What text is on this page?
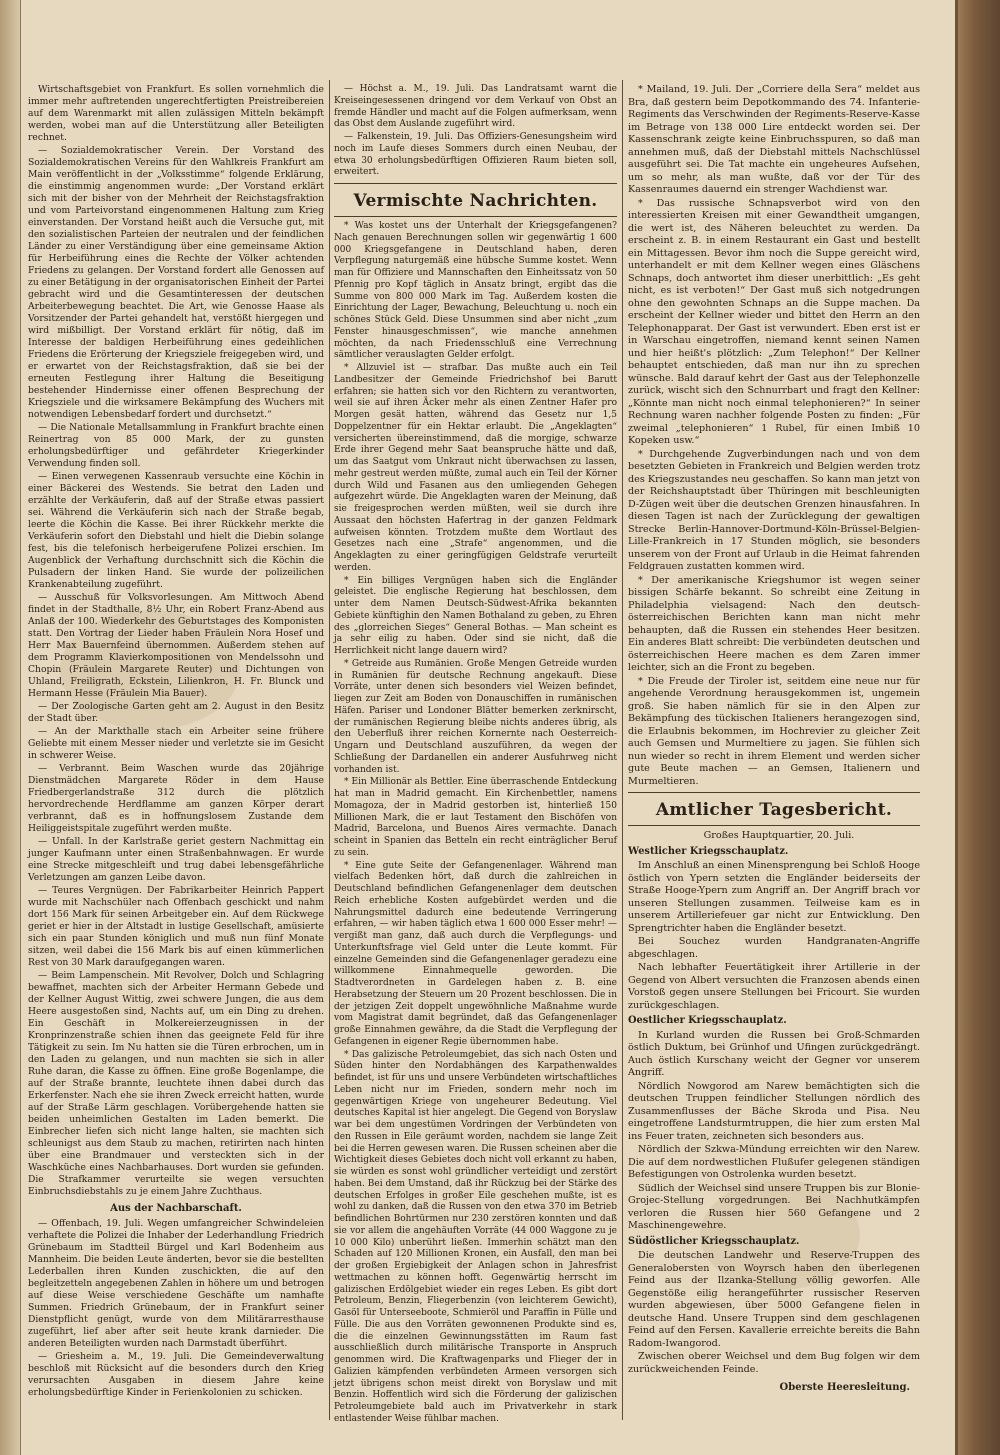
Wirtschaftsgebiet von Frankfurt. Es sollen vornehmlich die immer mehr auftretenden ungerechtfertigten Preistreibereien auf dem Warenmarkt mit allen zulässigen Mitteln bekämpft werden, wobei man auf die Unterstützung aller Beteiligten rechnet.

— Sozialdemokratischer Verein. Der Vorstand des Sozialdemokratischen Vereins für den Wahlkreis Frankfurt am Main veröffentlicht in der „Volksstimme“ folgende Erklärung, die einstimmig angenommen wurde: „Der Vorstand erklärt sich mit der bisher von der Mehrheit der Reichstagsfraktion und vom Parteivorstand eingenommenen Haltung zum Krieg einverstanden. Der Vorstand heißt auch die Versuche gut, mit den sozialistischen Parteien der neutralen und der feindlichen Länder zu einer Verständigung über eine gemeinsame Aktion für Herbeiführung eines die Rechte der Völker achtenden Friedens zu gelangen. Der Vorstand fordert alle Genossen auf zu einer Betätigung in der organisatorischen Einheit der Partei gebracht wird und die Gesamtinteressen der deutschen Arbeiterbewegung beachtet. Die Art, wie Genosse Haase als Vorsitzender der Partei gehandelt hat, verstößt hiergegen und wird mißbilligt. Der Vorstand erklärt für nötig, daß im Interesse der baldigen Herbeiführung eines gedeihlichen Friedens die Erörterung der Kriegsziele freigegeben wird, und er erwartet von der Reichstagsfraktion, daß sie bei der erneuten Festlegung ihrer Haltung die Beseitigung bestehender Hindernisse einer offenen Besprechung der Kriegsziele und die wirksamere Bekämpfung des Wuchers mit notwendigen Lebensbedarf fordert und durchsetzt.“

— Die Nationale Metallsammlung in Frankfurt brachte einen Reinertrag von 85 000 Mark, der zu gunsten erholungsbedürftiger und gefährdeter Kriegerkinder Verwendung finden soll.

— Einen verwegenen Kassenraub versuchte eine Köchin in einer Bäckerei des Westends. Sie betrat den Laden und erzählte der Verkäuferin, daß auf der Straße etwas passiert sei. Während die Verkäuferin sich nach der Straße begab, leerte die Köchin die Kasse. Bei ihrer Rückkehr merkte die Verkäuferin sofort den Diebstahl und hielt die Diebin solange fest, bis die telefonisch herbeigerufene Polizei erschien. Im Augenblick der Verhaftung durchschnitt sich die Köchin die Pulsadern der linken Hand. Sie wurde der polizeilichen Krankenabteilung zugeführt.

— Ausschuß für Volksvorlesungen. Am Mittwoch Abend findet in der Stadthalle, 8½ Uhr, ein Robert Franz-Abend aus Anlaß der 100. Wiederkehr des Geburtstages des Komponisten statt. Den Vortrag der Lieder haben Fräulein Nora Hosef und Herr Max Bauernfeind übernommen. Außerdem stehen auf dem Programm Klavierkompositionen von Mendelssohn und Chopin (Fräulein Margarete Reuter) und Dichtungen von Uhland, Freiligrath, Eckstein, Lilienkron, H. Fr. Blunck und Hermann Hesse (Fräulein Mia Bauer).

— Der Zoologische Garten geht am 2. August in den Besitz der Stadt über.

— An der Markthalle stach ein Arbeiter seine frühere Geliebte mit einem Messer nieder und verletzte sie im Gesicht in schwerer Weise.

— Verbrannt. Beim Waschen wurde das 20jährige Dienstmädchen Margarete Röder in dem Hause Friedbergerlandstraße 312 durch die plötzlich hervordrechende Herdflamme am ganzen Körper derart verbrannt, daß es in hoffnungslosem Zustande dem Heiliggeistspitale zugeführt werden mußte.

— Unfall. In der Karlstraße geriet gestern Nachmittag ein junger Kaufmann unter einen Straßenbahnwagen. Er wurde eine Strecke mitgeschleift und trug dabei lebensgefährliche Verletzungen am ganzen Leibe davon.

— Teures Vergnügen. Der Fabrikarbeiter Heinrich Pappert wurde mit Nachschüler nach Offenbach geschickt und nahm dort 156 Mark für seinen Arbeitgeber ein. Auf dem Rückwege geriet er hier in der Altstadt in lustige Gesellschaft, amüsierte sich ein paar Stunden königlich und muß nun fünf Monate sitzen, weil dabei die 156 Mark bis auf einen kümmerlichen Rest von 30 Mark daraufgegangen waren.

— Beim Lampenschein. Mit Revolver, Dolch und Schlagring bewaffnet, machten sich der Arbeiter Hermann Gebede und der Kellner August Wittig, zwei schwere Jungen, die aus dem Heere ausgestoßen sind, Nachts auf, um ein Ding zu drehen. Ein Geschäft in Molkereierzeugnissen in der Kronprinzenstraße schien ihnen das geeignete Feld für ihre Tätigkeit zu sein. Im Nu hatten sie die Türen erbrochen, um in den Laden zu gelangen, und nun machten sie sich in aller Ruhe daran, die Kasse zu öffnen. Eine große Bogenlampe, die auf der Straße brannte, leuchtete ihnen dabei durch das Erkerfenster. Nach ehe sie ihren Zweck erreicht hatten, wurde auf der Straße Lärm geschlagen. Vorübergehende hatten sie beiden unheimlichen Gestalten im Laden bemerkt. Die Einbrecher liefen sich nicht lange halten, sie machten sich schleunigst aus dem Staub zu machen, retirirten nach hinten über eine Brandmauer und versteckten sich in der Waschküche eines Nachbarhauses. Dort wurden sie gefunden. Die Strafkammer verurteilte sie wegen versuchten Einbruchsdiebstahls zu je einem Jahre Zuchthaus.

Aus der Nachbarschaft.

— Offenbach, 19. Juli. Wegen umfangreicher Schwindeleien verhaftete die Polizei die Inhaber der Lederhandlung Friedrich Grünebaum im Stadtteil Bürgel und Karl Bodenheim aus Mannheim. Die beiden Leute änderten, bevor sie die bestellten Lederballen ihren Kunden zuschickten, die auf den begleitzetteln angegebenen Zahlen in höhere um und betrogen auf diese Weise verschiedene Geschäfte um namhafte Summen. Friedrich Grünebaum, der in Frankfurt seiner Dienstpflicht genügt, wurde von dem Militärarresthause zugeführt, lief aber after seit heute krank darnieder. Die anderen Beteiligten wurden nach Darmstadt überführt.

— Griesheim a. M., 19. Juli. Die Gemeindeverwaltung beschloß mit Rücksicht auf die besonders durch den Krieg verursachten Ausgaben in diesem Jahre keine erholungsbedürftige Kinder in Ferienkolonien zu schicken.

— Höchst a. M., 19. Juli. Das Landratsamt warnt die Kreiseingesessenen dringend vor dem Verkauf von Obst an fremde Händler und macht auf die Folgen aufmerksam, wenn das Obst dem Auslande zugeführt wird.

— Falkenstein, 19. Juli. Das Offiziers-Genesungsheim wird noch im Laufe dieses Sommers durch einen Neubau, der etwa 30 erholungsbedürftigen Offizieren Raum bieten soll, erweitert.

Vermischte Nachrichten.

* Was kostet uns der Unterhalt der Kriegsgefangenen? Nach genauen Berechnungen sollen wir gegenwärtig 1 600 000 Kriegsgefangene in Deutschland haben, deren Verpflegung naturgemäß eine hübsche Summe kostet. Wenn man für Offiziere und Mannschaften den Einheitssatz von 50 Pfennig pro Kopf täglich in Ansatz bringt, ergibt das die Summe von 800 000 Mark im Tag. Außerdem kosten die Einrichtung der Lager, Bewachung, Beleuchtung u. noch ein schönes Stück Geld. Diese Unsummen sind aber nicht „zum Fenster hinausgeschmissen“, wie manche annehmen möchten, da nach Friedensschluß eine Verrechnung sämtlicher verauslagten Gelder erfolgt.

* Allzuviel ist — strafbar. Das mußte auch ein Teil Landbesitzer der Gemeinde Friedrichshof bei Barutt erfahren; sie hatten sich vor den Richtern zu verantworten, weil sie auf ihren Äcker mehr als einen Zentner Hafer pro Morgen gesät hatten, während das Gesetz nur 1,5 Doppelzentner für ein Hektar erlaubt. Die „Angeklagten“ versicherten übereinstimmend, daß die morgige, schwarze Erde ihrer Gegend mehr Saat beanspruche hätte und daß, um das Saatgut vom Unkraut nicht überwachsen zu lassen, mehr gestreut werden müßte, zumal auch ein Teil der Körner durch Wild und Fasanen aus den umliegenden Gehegen aufgezehrt würde. Die Angeklagten waren der Meinung, daß sie freigesprochen werden müßten, weil sie durch ihre Aussaat den höchsten Hafertrag in der ganzen Feldmark aufweisen könnten. Trotzdem mußte dem Wortlaut des Gesetzes nach eine „Strafe“ angenommen, und die Angeklagten zu einer geringfügigen Geldstrafe verurteilt werden.

* Ein billiges Vergnügen haben sich die Engländer geleistet. Die englische Regierung hat beschlossen, dem unter dem Namen Deutsch-Südwest-Afrika bekannten Gebiete künftighin den Namen Bothaland zu geben, zu Ehren des „glorreichen Sieges“ General Bothas. — Man scheint es ja sehr eilig zu haben. Oder sind sie nicht, daß die Herrlichkeit nicht lange dauern wird?

* Getreide aus Rumänien. Große Mengen Getreide wurden in Rumänien für deutsche Rechnung angekauft. Diese Vorräte, unter denen sich besonders viel Weizen befindet, liegen zur Zeit am Boden von Donauschiffen in rumänischen Häfen. Pariser und Londoner Blätter bemerken zerknirscht, der rumänischen Regierung bleibe nichts anderes übrig, als den Ueberfluß ihrer reichen Kornernte nach Oesterreich-Ungarn und Deutschland auszuführen, da wegen der Schließung der Dardanellen ein anderer Ausfuhrweg nicht vorhanden ist.

* Ein Millionär als Bettler. Eine überraschende Entdeckung hat man in Madrid gemacht. Ein Kirchenbettler, namens Momagoza, der in Madrid gestorben ist, hinterließ 150 Millionen Mark, die er laut Testament den Bischöfen von Madrid, Barcelona, und Buenos Aires vermachte. Danach scheint in Spanien das Betteln ein recht einträglicher Beruf zu sein.

* Eine gute Seite der Gefangenenlager. Während man vielfach Bedenken hört, daß durch die zahlreichen in Deutschland befindlichen Gefangenenlager dem deutschen Reich erhebliche Kosten aufgebürdet werden und die Nahrungsmittel dadurch eine bedeutende Verringerung erfahren, — wir haben täglich etwa 1 600 000 Esser mehr! — vergißt man ganz, daß auch durch die Verpflegungs- und Unterkunftsfrage viel Geld unter die Leute kommt. Für einzelne Gemeinden sind die Gefangenenlager geradezu eine willkommene Einnahmequelle geworden. Die Stadtverordneten in Gardelegen haben z. B. eine Herabsetzung der Steuern um 20 Prozent beschlossen. Die in der jetzigen Zeit doppelt ungewöhnliche Maßnahme wurde vom Magistrat damit begründet, daß das Gefangenenlager große Einnahmen gewähre, da die Stadt die Verpflegung der Gefangenen in eigener Regie übernommen habe.

* Das galizische Petroleumgebiet, das sich nach Osten und Süden hinter den Nordabhängen des Karpathenwaldes befindet, ist für uns und unsere Verbündeten wirtschaftliches Leben nicht nur im Frieden, sondern mehr noch im gegenwärtigen Kriege von ungeheurer Bedeutung. Viel deutsches Kapital ist hier angelegt. Die Gegend von Boryslaw war bei dem ungestümen Vordringen der Verbündeten von den Russen in Eile geräumt worden, nachdem sie lange Zeit bei die Herren gewesen waren. Die Russen scheinen aber die Wichtigkeit dieses Gebietes doch nicht voll erkannt zu haben, sie würden es sonst wohl gründlicher verteidigt und zerstört haben. Bei dem Umstand, daß ihr Rückzug bei der Stärke des deutschen Erfolges in großer Eile geschehen mußte, ist es wohl zu danken, daß die Russen von den etwa 370 im Betrieb befindlichen Bohrtürmen nur 230 zerstören konnten und daß sie vor allem die angehäuften Vorräte (44 000 Waggone zu je 10 000 Kilo) unberührt ließen. Immerhin schätzt man den Schaden auf 120 Millionen Kronen, ein Ausfall, den man bei der großen Ergiebigkeit der Anlagen schon in Jahresfrist wettmachen zu können hofft. Gegenwärtig herrscht im galizischen Erdölgebiet wieder ein reges Leben. Es gibt dort Petroleum, Benzin, Fliegerbenzin (von leichterem Gewicht), Gasöl für Unterseeboote, Schmieröl und Paraffin in Fülle und Fülle. Die aus den Vorräten gewonnenen Produkte sind es, die die einzelnen Gewinnungsstätten im Raum fast ausschließlich durch militärische Transporte in Anspruch genommen wird. Die Kraftwagenparks und Flieger der in Galizien kämpfenden verbündeten Armeen versorgen sich jetzt übrigens schon meist direkt von Boryslaw und mit Benzin. Hoffentlich wird sich die Förderung der galizischen Petroleumgebiete bald auch im Privatverkehr in stark entlastender Weise fühlbar machen.

* Mailand, 19. Juli. Der „Corriere della Sera“ meldet aus Bra, daß gestern beim Depotkommando des 74. Infanterie-Regiments das Verschwinden der Regiments-Reserve-Kasse im Betrage von 138 000 Lire entdeckt worden sei. Der Kassenschrank zeigte keine Einbruchsspuren, so daß man annehmen muß, daß der Diebstahl mittels Nachschlüssel ausgeführt sei. Die Tat machte ein ungeheures Aufsehen, um so mehr, als man wußte, daß vor der Tür des Kassenraumes dauernd ein strenger Wachdienst war.

* Das russische Schnapsverbot wird von den interessierten Kreisen mit einer Gewandtheit umgangen, die wert ist, des Näheren beleuchtet zu werden. Da erscheint z. B. in einem Restaurant ein Gast und bestellt ein Mittagessen. Bevor ihm noch die Suppe gereicht wird, unterhandelt er mit dem Kellner wegen eines Gläschens Schnaps, doch antwortet ihm dieser unerbittlich: „Es geht nicht, es ist verboten!“ Der Gast muß sich notgedrungen ohne den gewohnten Schnaps an die Suppe machen. Da erscheint der Kellner wieder und bittet den Herrn an den Telephonapparat. Der Gast ist verwundert. Eben erst ist er in Warschau eingetroffen, niemand kennt seinen Namen und hier heißt's plötzlich: „Zum Telephon!“ Der Kellner behauptet entschieden, daß man nur ihn zu sprechen wünsche. Bald darauf kehrt der Gast aus der Telephonzelle zurück, wischt sich den Schnurrbart und fragt den Kellner: „Könnte man nicht noch einmal telephonieren?“ In seiner Rechnung waren nachher folgende Posten zu finden: „Für zweimal „telephonieren“ 1 Rubel, für einen Imbiß 10 Kopeken usw.“

* Durchgehende Zugverbindungen nach und von dem besetzten Gebieten in Frankreich und Belgien werden trotz des Kriegszustandes neu geschaffen. So kann man jetzt von der Reichshauptstadt über Thüringen mit beschleunigten D-Zügen weit über die deutschen Grenzen hinausfahren. In diesen Tagen ist nach der Zurücklegung der gewaltigen Strecke Berlin-Hannover-Dortmund-Köln-Brüssel-Belgien-Lille-Frankreich in 17 Stunden möglich, sie besonders unserem von der Front auf Urlaub in die Heimat fahrenden Feldgrauen zustatten kommen wird.

* Der amerikanische Kriegshumor ist wegen seiner bissigen Schärfe bekannt. So schreibt eine Zeitung in Philadelphia vielsagend: Nach den deutsch-österreichischen Berichten kann man nicht mehr behaupten, daß die Russen ein stehendes Heer besitzen. Ein anderes Blatt schreibt: Die verbündeten deutschen und österreichischen Heere machen es dem Zaren immer leichter, sich an die Front zu begeben.

* Die Freude der Tiroler ist, seitdem eine neue nur für angehende Verordnung herausgekommen ist, ungemein groß. Sie haben nämlich für sie in den Alpen zur Bekämpfung des tückischen Italieners herangezogen sind, die Erlaubnis bekommen, im Hochrevier zu gleicher Zeit auch Gemsen und Murmeltiere zu jagen. Sie fühlen sich nun wieder so recht in ihrem Element und werden sicher gute Beute machen — an Gemsen, Italienern und Murmeltieren.

Amtlicher Tagesbericht.

Großes Hauptquartier, 20. Juli.

Westlicher Kriegsschauplatz.

Im Anschluß an einen Minensprengung bei Schloß Hooge östlich von Ypern setzten die Engländer beiderseits der Straße Hooge-Ypern zum Angriff an. Der Angriff brach vor unseren Stellungen zusammen. Teilweise kam es in unserem Artilleriefeuer gar nicht zur Entwicklung. Den Sprengtrichter haben die Engländer besetzt.

Bei Souchez wurden Handgranaten-Angriffe abgeschlagen.

Nach lebhafter Feuertätigkeit ihrer Artillerie in der Gegend von Albert versuchten die Franzosen abends einen Vorstoß gegen unsere Stellungen bei Fricourt. Sie wurden zurückgeschlagen.

Oestlicher Kriegsschauplatz.

In Kurland wurden die Russen bei Groß-Schmarden östlich Duktum, bei Grünhof und Ufingen zurückgedrängt. Auch östlich Kurschany weicht der Gegner vor unserem Angriff.

Nördlich Nowgorod am Narew bemächtigten sich die deutschen Truppen feindlicher Stellungen nördlich des Zusammenflusses der Bäche Skroda und Pisa. Neu eingetroffene Landsturmtruppen, die hier zum ersten Mal ins Feuer traten, zeichneten sich besonders aus.

Nördlich der Szkwa-Mündung erreichten wir den Narew. Die auf dem nordwestlichen Flußufer gelegenen ständigen Befestigungen von Ostrolenka wurden besetzt.

Südlich der Weichsel sind unsere Truppen bis zur Blonie-Grojec-Stellung vorgedrungen. Bei Nachhutkämpfen verloren die Russen hier 560 Gefangene und 2 Maschinengewehre.

Südöstlicher Kriegsschauplatz.

Die deutschen Landwehr und Reserve-Truppen des Generalobersten von Woyrsch haben den überlegenen Feind aus der Ilzanka-Stellung völlig geworfen. Alle Gegenstöße eilig herangeführter russischer Reserven wurden abgewiesen, über 5000 Gefangene fielen in deutsche Hand. Unsere Truppen sind dem geschlagenen Feind auf den Fersen. Kavallerie erreichte bereits die Bahn Radom-Iwangorod.

Zwischen oberer Weichsel und dem Bug folgen wir dem zurückweichenden Feinde.

Oberste Heeresleitung.
